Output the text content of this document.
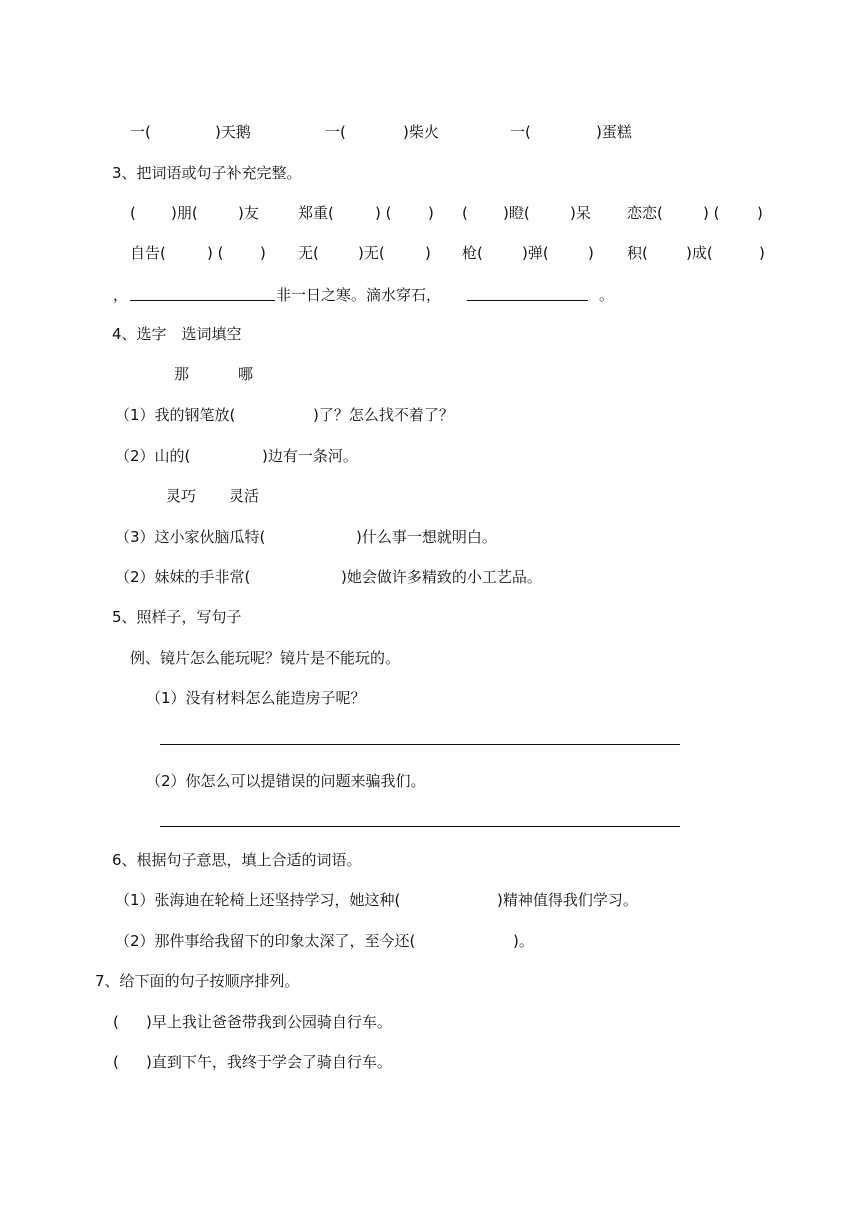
一(	)天鹅	一(	)柴火	一(	)蛋糕
3、把词语或句子补充完整。
( )朋(	)友	郑重(	) ( ) ( )瞪(	)呆 恋恋(	) (	)
自告(	) ( ) 无(	)无(	) 枪(	)弹(	) 积(	)成(	)
，	非一日之寒。滴水穿石，	。
4、选字　选词填空
那	哪
（1）我的钢笔放(	)了？怎么找不着了？
（2）山的(	)边有一条河。
灵巧 灵活
（3）这小家伙脑瓜特(	)什么事一想就明白。
（2）妹妹的手非常(	)她会做许多精致的小工艺品。
5、照样子，写句子
例、镜片怎么能玩呢？镜片是不能玩的。
（1）没有材料怎么能造房子呢？
（2）你怎么可以提错误的问题来骗我们。
6、根据句子意思，填上合适的词语。
（1）张海迪在轮椅上还坚持学习，她这种(	)精神值得我们学习。
（2）那件事给我留下的印象太深了，至今还(	)。
7、给下面的句子按顺序排列。
( )早上我让爸爸带我到公园骑自行车。
( )直到下午，我终于学会了骑自行车。
